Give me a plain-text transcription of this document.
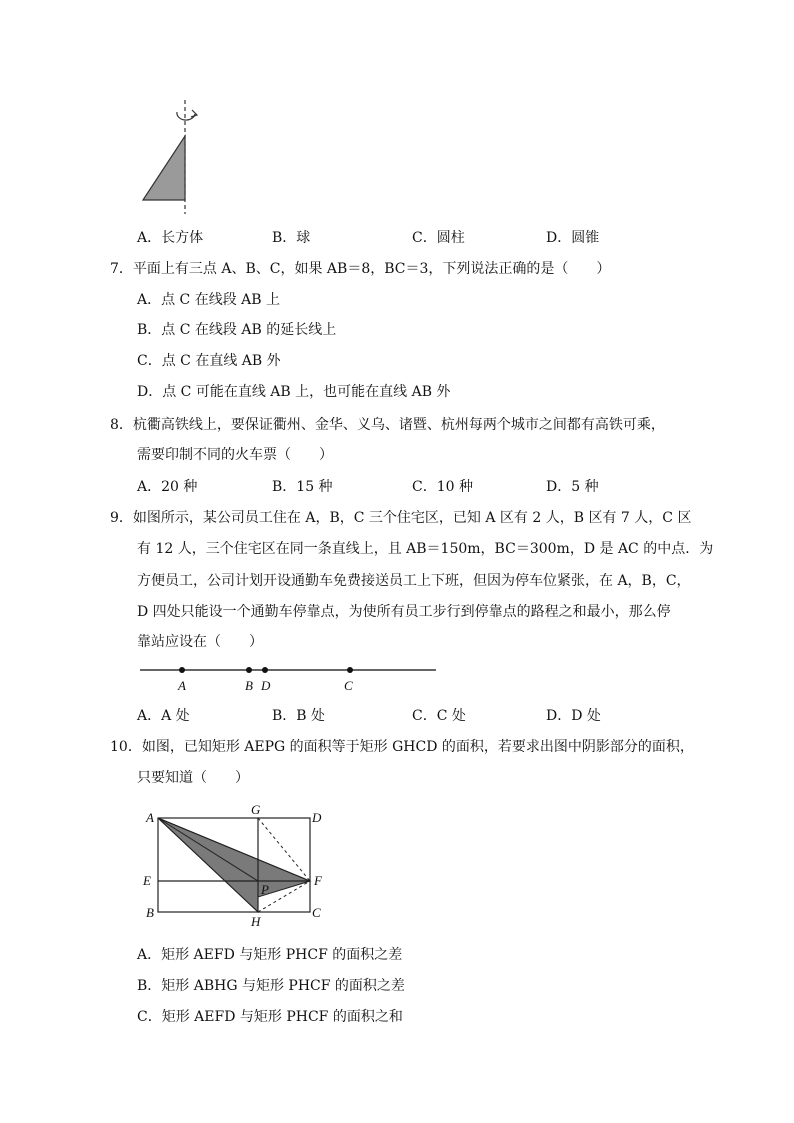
A．长方体	B．球	C．圆柱	D．圆锥
7．平面上有三点 A、B、C，如果 AB＝8，BC＝3，下列说法正确的是（　　）
A．点 C 在线段 AB 上
B．点 C 在线段 AB 的延长线上
C．点 C 在直线 AB 外
D．点 C 可能在直线 AB 上，也可能在直线 AB 外
8．杭衢高铁线上，要保证衢州、金华、义乌、诸暨、杭州每两个城市之间都有高铁可乘，
需要印制不同的火车票（　　）
A．20 种	B．15 种	C．10 种	D．5 种
9．如图所示，某公司员工住在 A，B，C 三个住宅区，已知 A 区有 2 人，B 区有 7 人，C 区
有 12 人，三个住宅区在同一条直线上，且 AB＝150m，BC＝300m，D 是 AC 的中点．为
方便员工，公司计划开设通勤车免费接送员工上下班，但因为停车位紧张，在 A，B，C，
D 四处只能设一个通勤车停靠点，为使所有员工步行到停靠点的路程之和最小，那么停
靠站应设在（　　）
A	B D	C
A．A 处	B．B 处	C．C 处	D．D 处
10．如图，已知矩形 AEPG 的面积等于矩形 GHCD 的面积，若要求出图中阴影部分的面积，
只要知道（　　）
A
G
D
E
P
F
B
H
C
A．矩形 AEFD 与矩形 PHCF 的面积之差
B．矩形 ABHG 与矩形 PHCF 的面积之差
C．矩形 AEFD 与矩形 PHCF 的面积之和
